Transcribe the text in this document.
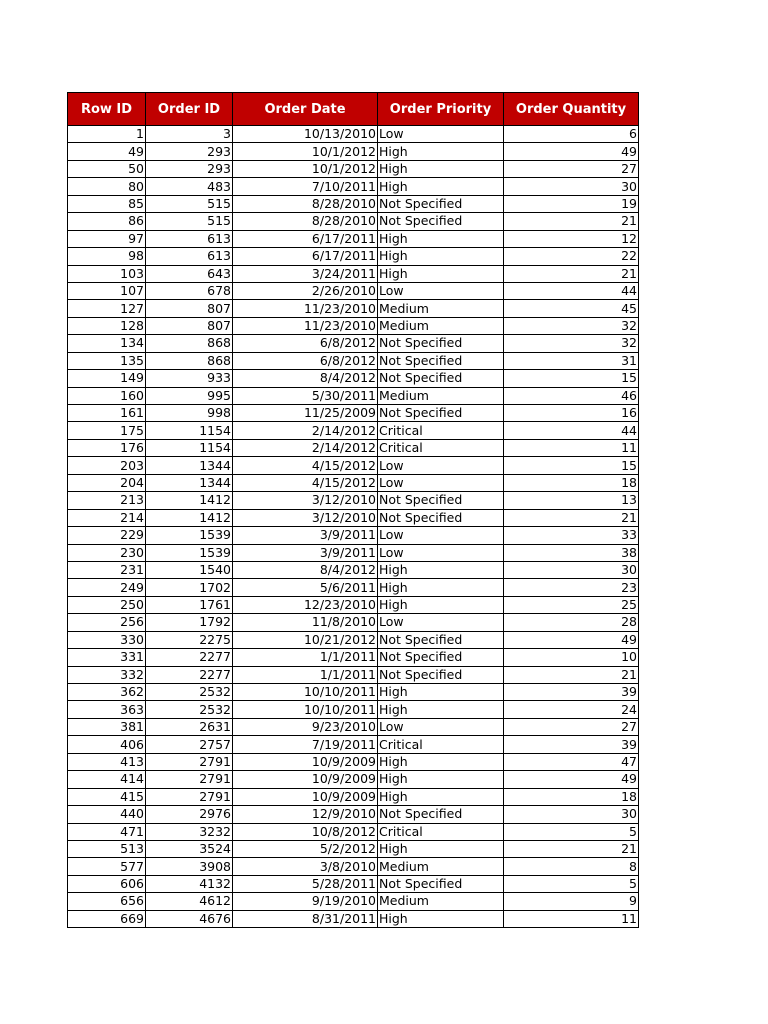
Row ID	Order ID	Order Date	Order Priority	Order Quantity
1	3	10/13/2010	Low	6
49	293	10/1/2012	High	49
50	293	10/1/2012	High	27
80	483	7/10/2011	High	30
85	515	8/28/2010	Not Specified	19
86	515	8/28/2010	Not Specified	21
97	613	6/17/2011	High	12
98	613	6/17/2011	High	22
103	643	3/24/2011	High	21
107	678	2/26/2010	Low	44
127	807	11/23/2010	Medium	45
128	807	11/23/2010	Medium	32
134	868	6/8/2012	Not Specified	32
135	868	6/8/2012	Not Specified	31
149	933	8/4/2012	Not Specified	15
160	995	5/30/2011	Medium	46
161	998	11/25/2009	Not Specified	16
175	1154	2/14/2012	Critical	44
176	1154	2/14/2012	Critical	11
203	1344	4/15/2012	Low	15
204	1344	4/15/2012	Low	18
213	1412	3/12/2010	Not Specified	13
214	1412	3/12/2010	Not Specified	21
229	1539	3/9/2011	Low	33
230	1539	3/9/2011	Low	38
231	1540	8/4/2012	High	30
249	1702	5/6/2011	High	23
250	1761	12/23/2010	High	25
256	1792	11/8/2010	Low	28
330	2275	10/21/2012	Not Specified	49
331	2277	1/1/2011	Not Specified	10
332	2277	1/1/2011	Not Specified	21
362	2532	10/10/2011	High	39
363	2532	10/10/2011	High	24
381	2631	9/23/2010	Low	27
406	2757	7/19/2011	Critical	39
413	2791	10/9/2009	High	47
414	2791	10/9/2009	High	49
415	2791	10/9/2009	High	18
440	2976	12/9/2010	Not Specified	30
471	3232	10/8/2012	Critical	5
513	3524	5/2/2012	High	21
577	3908	3/8/2010	Medium	8
606	4132	5/28/2011	Not Specified	5
656	4612	9/19/2010	Medium	9
669	4676	8/31/2011	High	11
